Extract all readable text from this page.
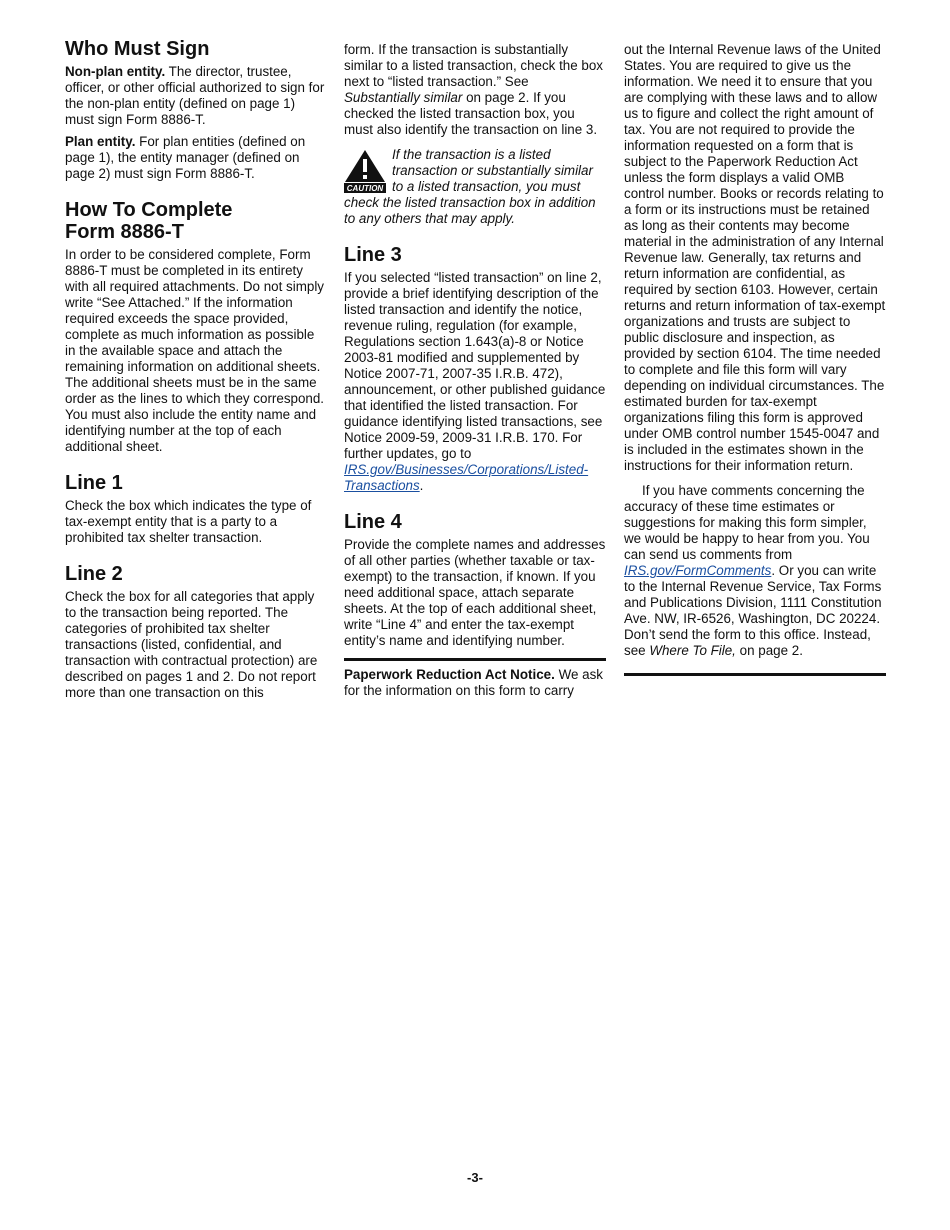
Who Must Sign

Non-plan entity. The director, trustee, officer, or other official authorized to sign for the non-plan entity (defined on page 1) must sign Form 8886-T.

Plan entity. For plan entities (defined on page 1), the entity manager (defined on page 2) must sign Form 8886-T.

How To Complete
Form 8886-T

In order to be considered complete, Form 8886-T must be completed in its entirety with all required attachments. Do not simply write “See Attached.” If the information required exceeds the space provided, complete as much information as possible in the available space and attach the remaining information on additional sheets. The additional sheets must be in the same order as the lines to which they correspond. You must also include the entity name and identifying number at the top of each additional sheet.

Line 1

Check the box which indicates the type of tax-exempt entity that is a party to a prohibited tax shelter transaction.

Line 2

Check the box for all categories that apply to the transaction being reported. The categories of prohibited tax shelter transactions (listed, confidential, and transaction with contractual protection) are described on pages 1 and 2. Do not report more than one transaction on this

form. If the transaction is substantially similar to a listed transaction, check the box next to “listed transaction.” See Substantially similar on page 2. If you checked the listed transaction box, you must also identify the transaction on line 3.

CAUTION
If the transaction is a listed transaction or substantially similar to a listed transaction, you must check the listed transaction box in addition to any others that may apply.
Line 3

If you selected “listed transaction” on line 2, provide a brief identifying description of the listed transaction and identify the notice, revenue ruling, regulation (for example, Regulations section 1.643(a)-8 or Notice 2003-81 modified and supplemented by Notice 2007-71, 2007-35 I.R.B. 472), announcement, or other published guidance that identified the listed transaction. For guidance identifying listed transactions, see Notice 2009-59, 2009-31 I.R.B. 170. For further updates, go to IRS.gov/Businesses/Corporations/Listed-Transactions.

Line 4

Provide the complete names and addresses of all other parties (whether taxable or tax-exempt) to the transaction, if known. If you need additional space, attach separate sheets. At the top of each additional sheet, write “Line 4” and enter the tax-exempt entity’s name and identifying number.

Paperwork Reduction Act Notice. We ask for the information on this form to carry

out the Internal Revenue laws of the United States. You are required to give us the information. We need it to ensure that you are complying with these laws and to allow us to figure and collect the right amount of tax. You are not required to provide the information requested on a form that is subject to the Paperwork Reduction Act unless the form displays a valid OMB control number. Books or records relating to a form or its instructions must be retained as long as their contents may become material in the administration of any Internal Revenue law. Generally, tax returns and return information are confidential, as required by section 6103. However, certain returns and return information of tax-exempt organizations and trusts are subject to public disclosure and inspection, as provided by section 6104. The time needed to complete and file this form will vary depending on individual circumstances. The estimated burden for tax-exempt organizations filing this form is approved under OMB control number 1545-0047 and is included in the estimates shown in the instructions for their information return.

If you have comments concerning the accuracy of these time estimates or suggestions for making this form simpler, we would be happy to hear from you. You can send us comments from IRS.gov/FormComments. Or you can write to the Internal Revenue Service, Tax Forms and Publications Division, 1111 Constitution Ave. NW, IR-6526, Washington, DC 20224. Don’t send the form to this office. Instead, see Where To File, on page 2.

-3-
